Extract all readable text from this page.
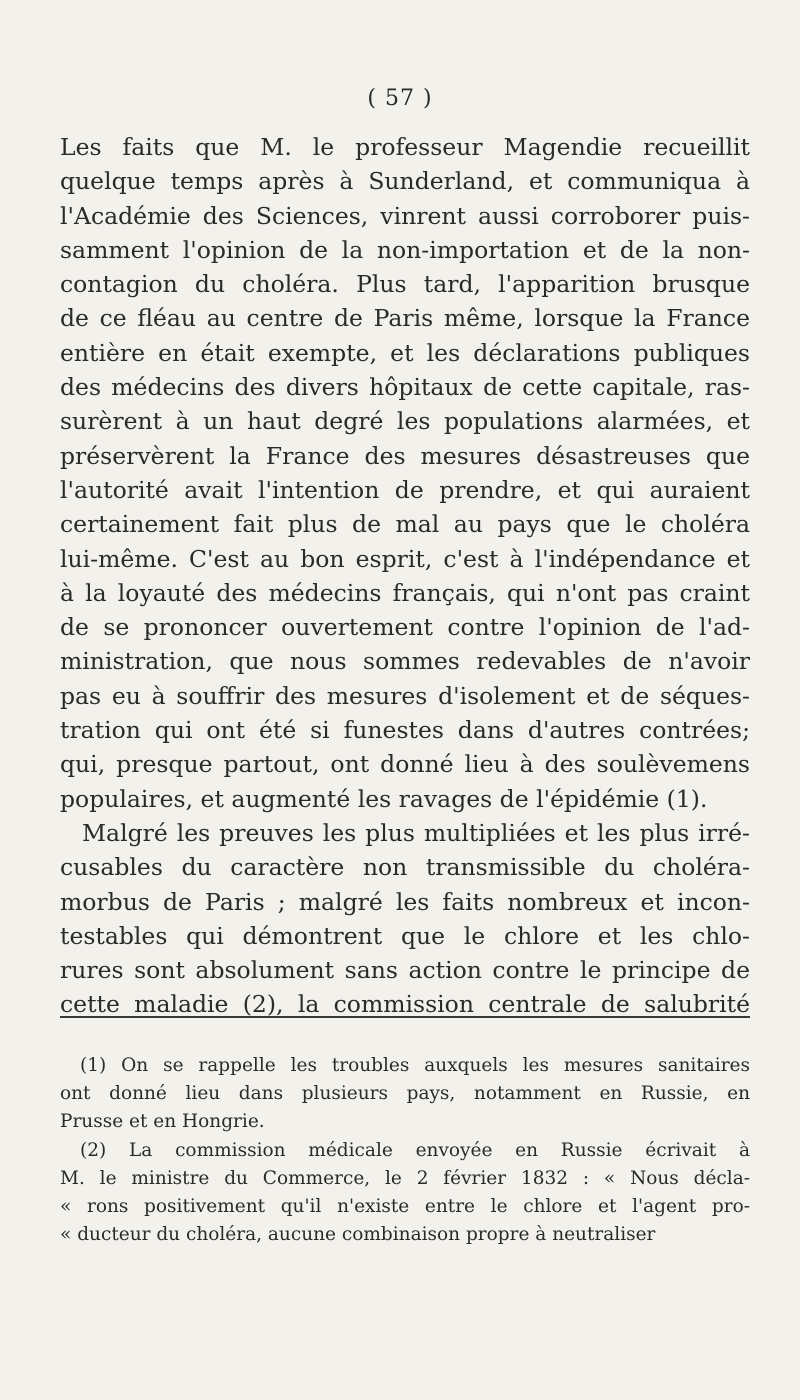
( 57 )
Les faits que M. le professeur Magendie recueillit
quelque temps après à Sunderland, et communiqua à
l'Académie des Sciences, vinrent aussi corroborer puis-
samment l'opinion de la non-importation et de la non-
contagion du choléra. Plus tard, l'apparition brusque
de ce fléau au centre de Paris même, lorsque la France
entière en était exempte, et les déclarations publiques
des médecins des divers hôpitaux de cette capitale, ras-
surèrent à un haut degré les populations alarmées, et
préservèrent la France des mesures désastreuses que
l'autorité avait l'intention de prendre, et qui auraient
certainement fait plus de mal au pays que le choléra
lui-même. C'est au bon esprit, c'est à l'indépendance et
à la loyauté des médecins français, qui n'ont pas craint
de se prononcer ouvertement contre l'opinion de l'ad-
ministration, que nous sommes redevables de n'avoir
pas eu à souffrir des mesures d'isolement et de séques-
tration qui ont été si funestes dans d'autres contrées;
qui, presque partout, ont donné lieu à des soulèvemens
populaires, et augmenté les ravages de l'épidémie (1).
Malgré les preuves les plus multipliées et les plus irré-
cusables du caractère non transmissible du choléra-
morbus de Paris ; malgré les faits nombreux et incon-
testables qui démontrent que le chlore et les chlo-
rures sont absolument sans action contre le principe de
cette maladie (2), la commission centrale de salubrité
(1) On se rappelle les troubles auxquels les mesures sanitaires
ont donné lieu dans plusieurs pays, notamment en Russie, en
Prusse et en Hongrie.
(2) La commission médicale envoyée en Russie écrivait à
M. le ministre du Commerce, le 2 février 1832 : « Nous décla-
« rons positivement qu'il n'existe entre le chlore et l'agent pro-
« ducteur du choléra, aucune combinaison propre à neutraliser
